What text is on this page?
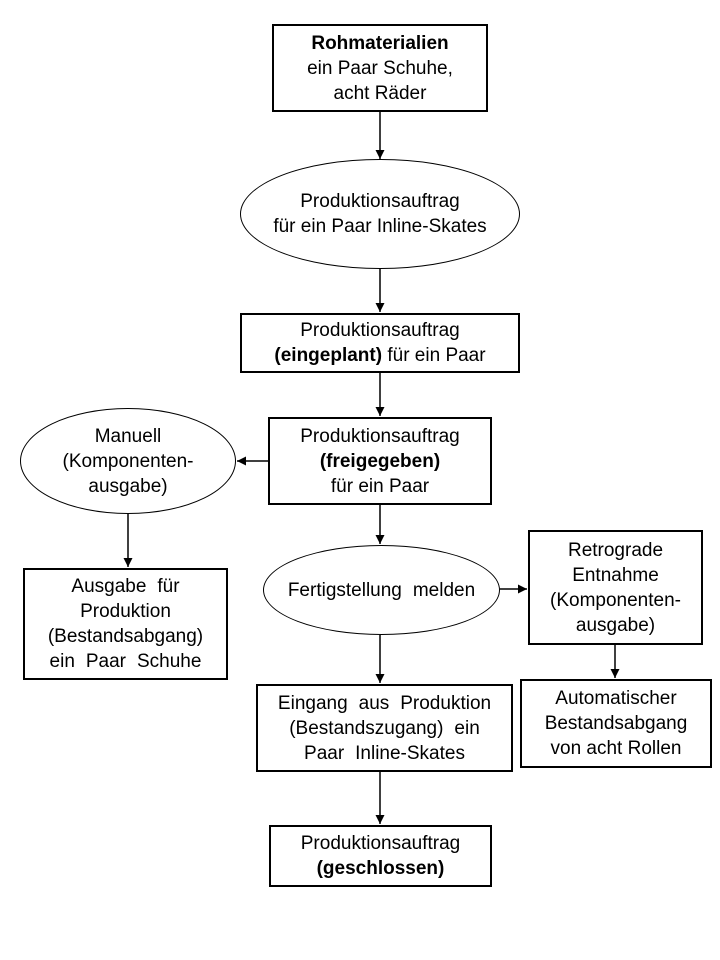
Rohmaterialien
ein Paar Schuhe,
acht Räder
Produktionsauftrag
für ein Paar Inline-Skates
Produktionsauftrag
(eingeplant) für ein Paar
Produktionsauftrag
(freigegeben)
für ein Paar
Manuell
(Komponenten-
ausgabe)
Fertigstellung melden
Retrograde
Entnahme
(Komponenten-
ausgabe)
Ausgabe für
Produktion
(Bestandsabgang)
ein Paar Schuhe
Eingang aus Produktion
(Bestandszugang) ein
Paar Inline-Skates
Automatischer
Bestandsabgang
von acht Rollen
Produktionsauftrag
(geschlossen)
